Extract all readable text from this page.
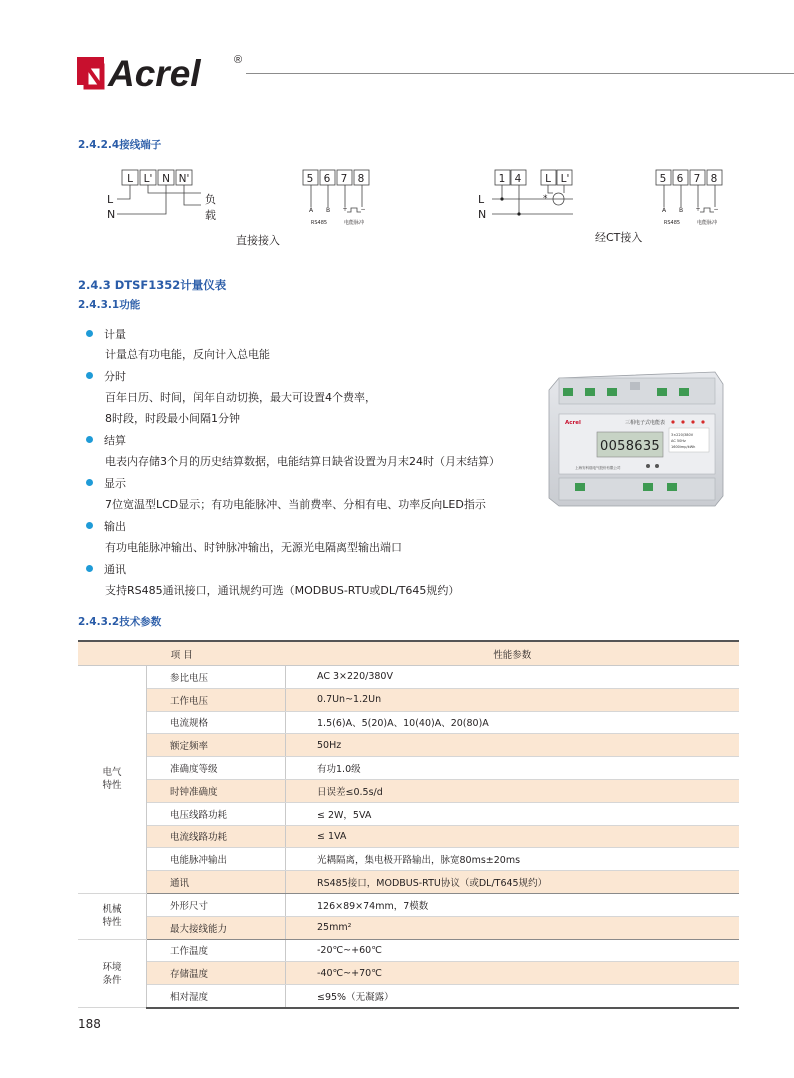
Acrel	®
2.4.2.4接线端子
L L' N N'
L
N
负
载
直接接入
5 6 7 8
A B + −
RS485	电能脉冲
1 4 L L'
*
L
N
经CT接入
5 6 7 8
A B + −
RS485	电能脉冲
2.4.3 DTSF1352计量仪表
2.4.3.1功能
计量
计量总有功电能，反向计入总电能
分时
百年日历、时间，闰年自动切换，最大可设置4个费率，
8时段，时段最小间隔1分钟
结算
电表内存储3个月的历史结算数据，电能结算日缺省设置为月末24时（月末结算）
显示
7位宽温型LCD显示；有功电能脉冲、当前费率、分相有电、功率反向LED指示
输出
有功电能脉冲输出、时钟脉冲输出，无源光电隔离型输出端口
通讯
支持RS485通讯接口，通讯规约可选（MODBUS-RTU或DL/T645规约）
Acrel	三相电子式电能表
0058635
3×220/380V
AC 50Hz
1600imp/kWh
上海安科瑞电气股份有限公司
2.4.3.2技术参数
项 目		性能参数

电气
特性	参比电压	AC 3×220/380V
	工作电压	0.7Un~1.2Un
	电流规格	1.5(6)A、5(20)A、10(40)A、20(80)A
	额定频率	50Hz
	准确度等级	有功1.0级
	时钟准确度	日误差≤0.5s/d
	电压线路功耗	≤ 2W，5VA
	电流线路功耗	≤ 1VA
	电能脉冲输出	光耦隔离，集电极开路输出，脉宽80ms±20ms
	通讯	RS485接口，MODBUS-RTU协议（或DL/T645规约）

机械
特性	外形尺寸	126×89×74mm，7模数
	最大接线能力	25mm²

环境
条件	工作温度	-20℃~+60℃
	存储温度	-40℃~+70℃
	相对湿度	≤95%（无凝露）
188
